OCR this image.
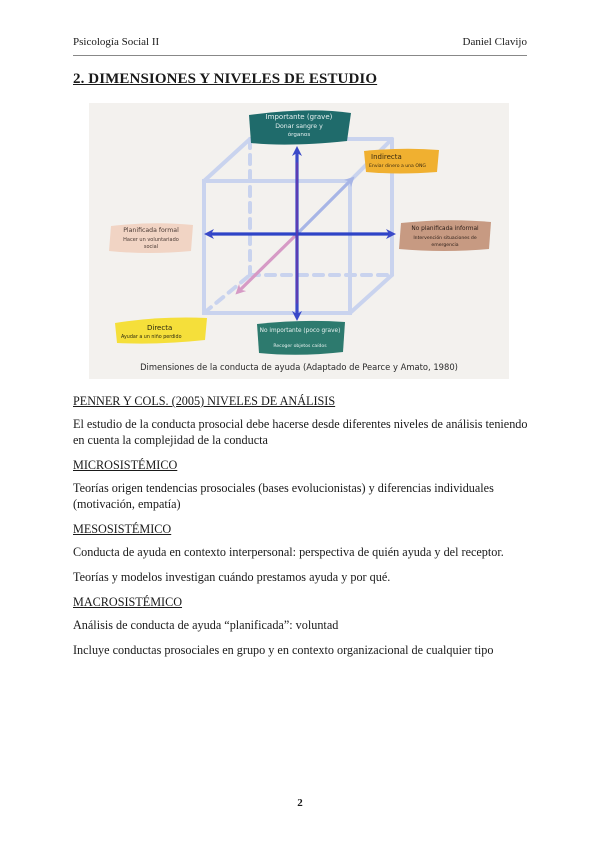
Psicología Social II	Daniel Clavijo
2. DIMENSIONES Y NIVELES DE ESTUDIO
Importante (grave)
Donar sangre y
órganos
Indirecta
Enviar dinero a una ONG
Planificada formal
Hacer un voluntariado
social
No planificada informal
Intervención situaciones de
emergencia
Directa
Ayudar a un niño perdido
No importante (poco grave)
Recoger objetos caídos
Dimensiones de la conducta de ayuda (Adaptado de Pearce y Amato, 1980)

PENNER Y COLS. (2005) NIVELES DE ANÁLISIS

El estudio de la conducta prosocial debe hacerse desde diferentes niveles de análisis teniendo en cuenta la complejidad de la conducta

MICROSISTÉMICO

Teorías origen tendencias prosociales (bases evolucionistas) y diferencias individuales (motivación, empatía)

MESOSISTÉMICO

Conducta de ayuda en contexto interpersonal: perspectiva de quién ayuda y del receptor.

Teorías y modelos investigan cuándo prestamos ayuda y por qué.

MACROSISTÉMICO

Análisis de conducta de ayuda “planificada”: voluntad

Incluye conductas prosociales en grupo y en contexto organizacional de cualquier tipo

2
